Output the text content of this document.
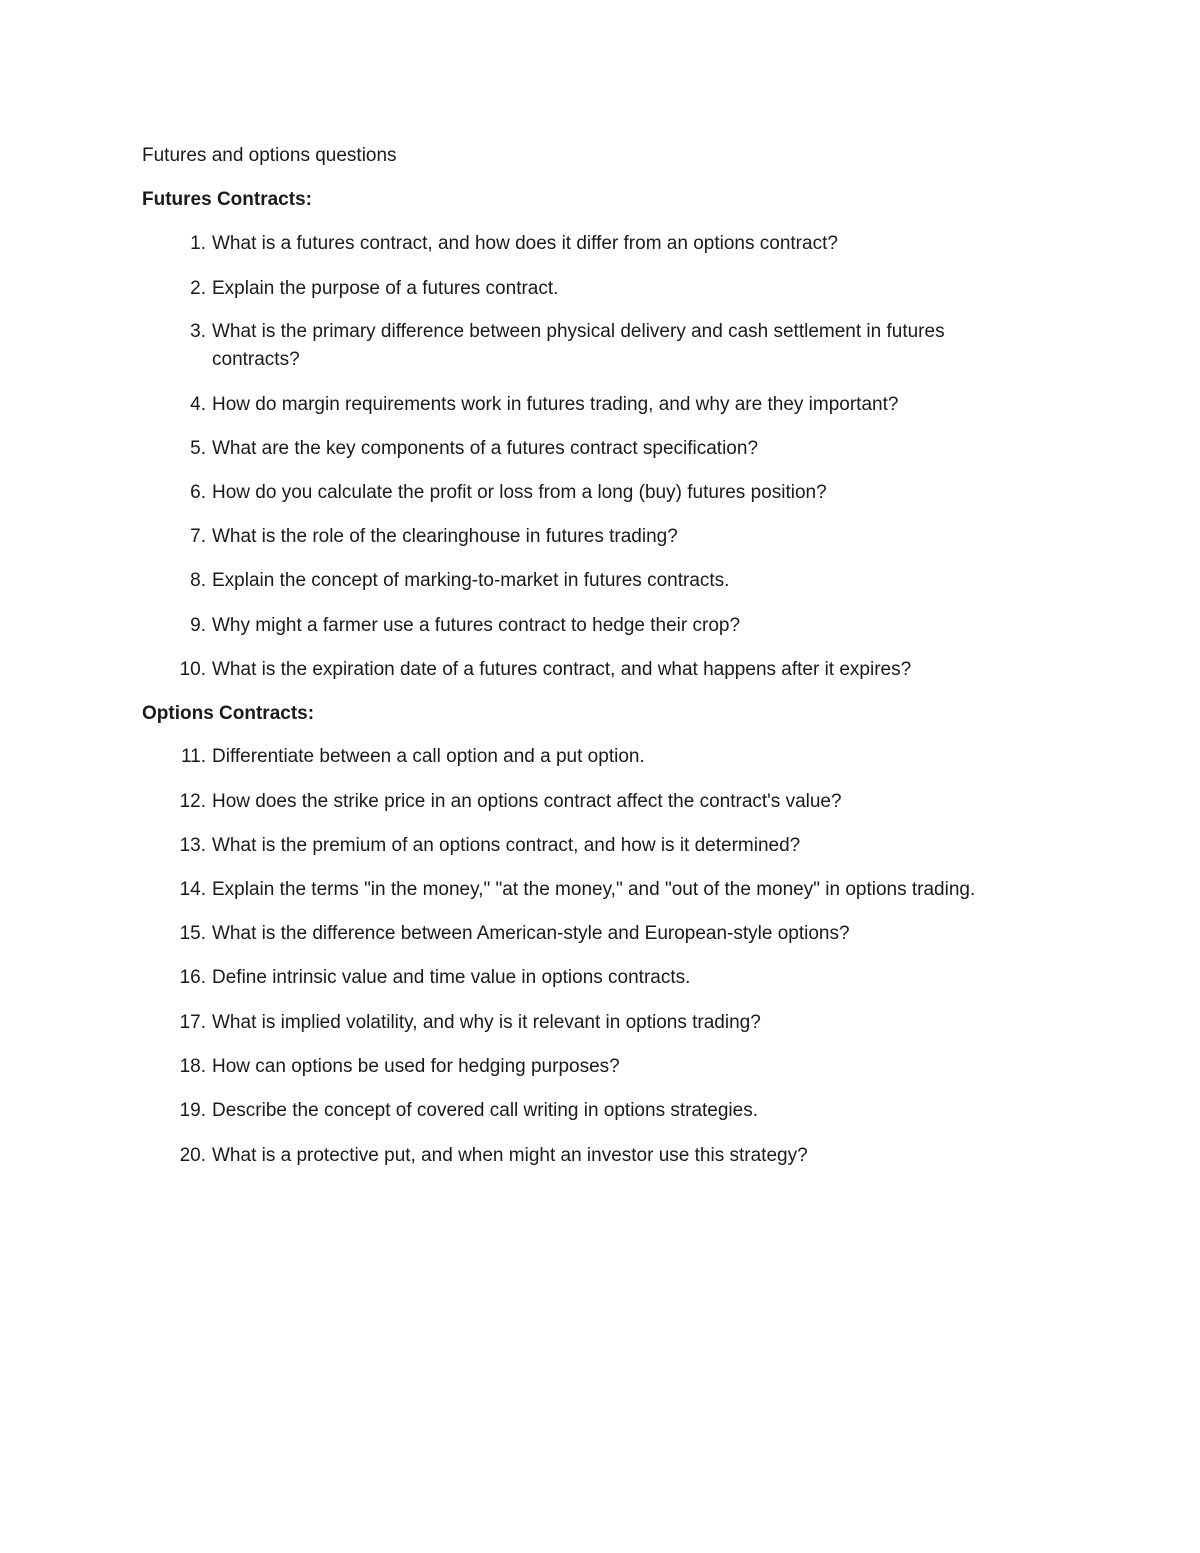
Futures and options questions

Futures Contracts:

1. What is a futures contract, and how does it differ from an options contract?
2. Explain the purpose of a futures contract.
3. What is the primary difference between physical delivery and cash settlement in futures contracts?
4. How do margin requirements work in futures trading, and why are they important?
5. What are the key components of a futures contract specification?
6. How do you calculate the profit or loss from a long (buy) futures position?
7. What is the role of the clearinghouse in futures trading?
8. Explain the concept of marking-to-market in futures contracts.
9. Why might a farmer use a futures contract to hedge their crop?
10. What is the expiration date of a futures contract, and what happens after it expires?

Options Contracts:

11. Differentiate between a call option and a put option.
12. How does the strike price in an options contract affect the contract's value?
13. What is the premium of an options contract, and how is it determined?
14. Explain the terms "in the money," "at the money," and "out of the money" in options trading.
15. What is the difference between American-style and European-style options?
16. Define intrinsic value and time value in options contracts.
17. What is implied volatility, and why is it relevant in options trading?
18. How can options be used for hedging purposes?
19. Describe the concept of covered call writing in options strategies.
20. What is a protective put, and when might an investor use this strategy?
